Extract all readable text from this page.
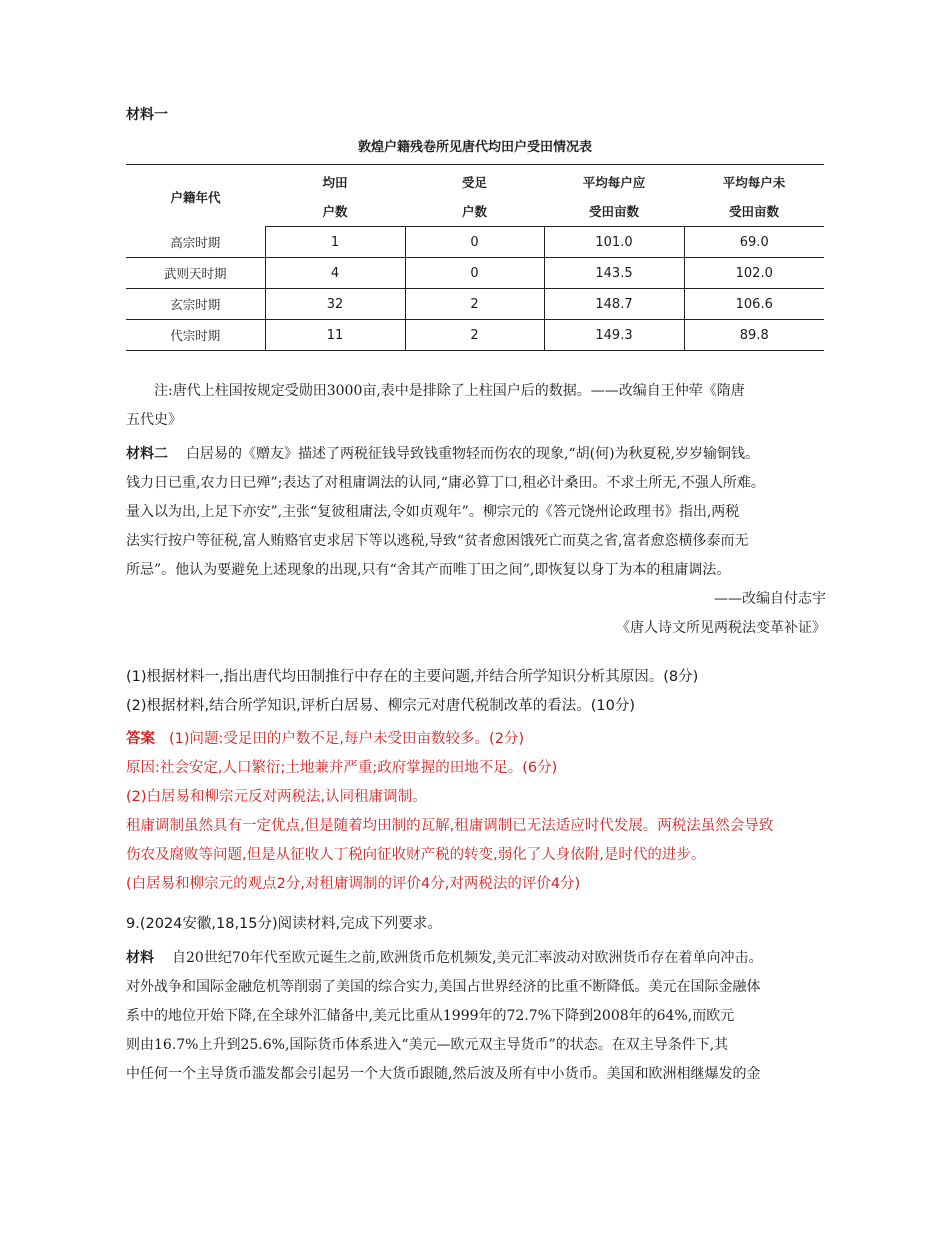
材料一
敦煌户籍残卷所见唐代均田户受田情况表
户籍年代	均田	受足	平均每户应	平均每户未
	户数	户数	受田亩数	受田亩数
高宗时期	1	0	101.0	69.0
武则天时期	4	0	143.5	102.0
玄宗时期	32	2	148.7	106.6
代宗时期	11	2	149.3	89.8
注:唐代上柱国按规定受勋田3000亩,表中是排除了上柱国户后的数据。——改编自王仲荦《隋唐
五代史》
材料二 白居易的《赠友》描述了两税征钱导致钱重物轻而伤农的现象,“胡(何)为秋夏税,岁岁输铜钱。
钱力日已重,农力日已殚”;表达了对租庸调法的认同,“庸必算丁口,租必计桑田。不求土所无,不强人所难。
量入以为出,上足下亦安”,主张“复彼租庸法,令如贞观年”。柳宗元的《答元饶州论政理书》指出,两税
法实行按户等征税,富人贿赂官吏求居下等以逃税,导致“贫者愈困饿死亡而莫之省,富者愈恣横侈泰而无
所忌”。他认为要避免上述现象的出现,只有“舍其产而唯丁田之间”,即恢复以身丁为本的租庸调法。
——改编自付志宇
《唐人诗文所见两税法变革补证》
(1)根据材料一,指出唐代均田制推行中存在的主要问题,并结合所学知识分析其原因。(8分)
(2)根据材料,结合所学知识,评析白居易、柳宗元对唐代税制改革的看法。(10分)
答案 (1)问题:受足田的户数不足,每户未受田亩数较多。(2分)
原因:社会安定,人口繁衍;土地兼并严重;政府掌握的田地不足。(6分)
(2)白居易和柳宗元反对两税法,认同租庸调制。
租庸调制虽然具有一定优点,但是随着均田制的瓦解,租庸调制已无法适应时代发展。两税法虽然会导致
伤农及腐败等问题,但是从征收人丁税向征收财产税的转变,弱化了人身依附,是时代的进步。
(白居易和柳宗元的观点2分,对租庸调制的评价4分,对两税法的评价4分)
9.(2024安徽,18,15分)阅读材料,完成下列要求。
材料 自20世纪70年代至欧元诞生之前,欧洲货币危机频发,美元汇率波动对欧洲货币存在着单向冲击。
对外战争和国际金融危机等削弱了美国的综合实力,美国占世界经济的比重不断降低。美元在国际金融体
系中的地位开始下降,在全球外汇储备中,美元比重从1999年的72.7%下降到2008年的64%,而欧元
则由16.7%上升到25.6%,国际货币体系进入“美元—欧元双主导货币”的状态。在双主导条件下,其
中任何一个主导货币滥发都会引起另一个大货币跟随,然后波及所有中小货币。美国和欧洲相继爆发的金
